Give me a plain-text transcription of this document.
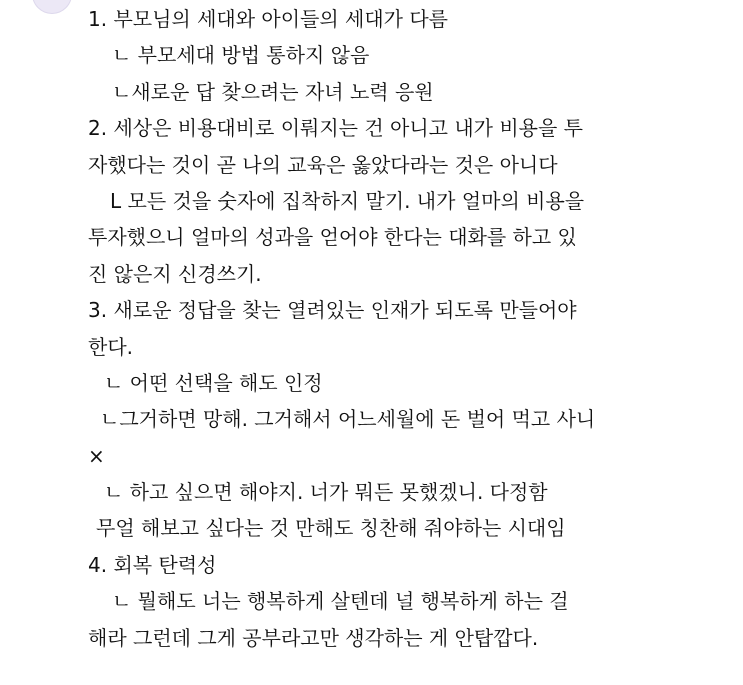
1. 부모님의 세대와 아이들의 세대가 다름
ㄴ 부모세대 방법 통하지 않음
ㄴ새로운 답 찾으려는 자녀 노력 응원
2. 세상은 비용대비로 이뤄지는 건 아니고 내가 비용을 투
자했다는 것이 곧 나의 교육은 옳았다라는 것은 아니다
L 모든 것을 숫자에 집착하지 말기. 내가 얼마의 비용을
투자했으니 얼마의 성과을 얻어야 한다는 대화를 하고 있
진 않은지 신경쓰기.
3. 새로운 정답을 찾는 열려있는 인재가 되도록 만들어야
한다.
ㄴ 어떤 선택을 해도 인정
ㄴ그거하면 망해. 그거해서 어느세월에 돈 벌어 먹고 사니
×
ㄴ 하고 싶으면 해야지. 너가 뭐든 못했겠니. 다정함
무얼 해보고 싶다는 것 만해도 칭찬해 줘야하는 시대임
4. 회복 탄력성
ㄴ 뭘해도 너는 행복하게 살텐데 널 행복하게 하는 걸
해라 그런데 그게 공부라고만 생각하는 게 안탑깝다.
